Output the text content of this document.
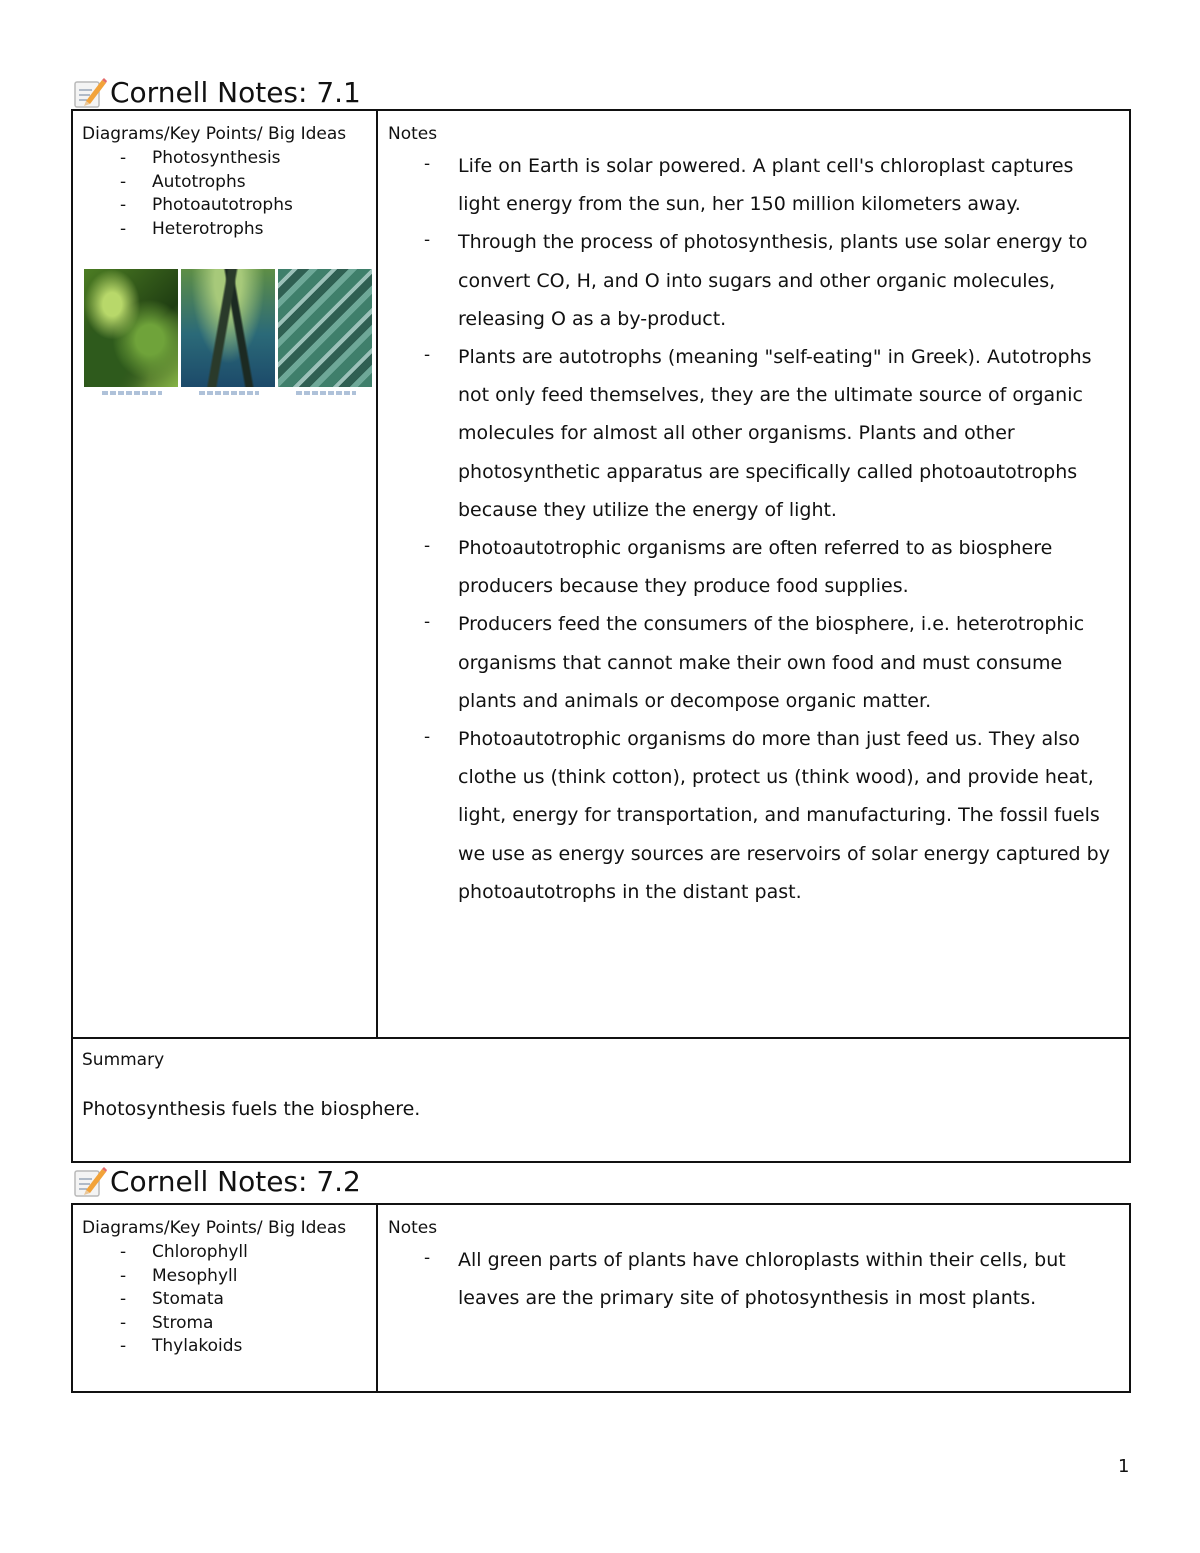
Cornell Notes: 7.1
Diagrams/Key Points/ Big Ideas
- Photosynthesis
- Autotrophs
- Photoautotrophs
- Heterotrophs
Notes
- Life on Earth is solar powered. A plant cell's chloroplast captures light energy from the sun, her 150 million kilometers away.
- Through the process of photosynthesis, plants use solar energy to convert CO, H, and O into sugars and other organic molecules, releasing O as a by-product.
- Plants are autotrophs (meaning "self-eating" in Greek). Autotrophs not only feed themselves, they are the ultimate source of organic molecules for almost all other organisms. Plants and other photosynthetic apparatus are specifically called photoautotrophs because they utilize the energy of light.
- Photoautotrophic organisms are often referred to as biosphere producers because they produce food supplies.
- Producers feed the consumers of the biosphere, i.e. heterotrophic organisms that cannot make their own food and must consume plants and animals or decompose organic matter.
- Photoautotrophic organisms do more than just feed us. They also clothe us (think cotton), protect us (think wood), and provide heat, light, energy for transportation, and manufacturing. The fossil fuels we use as energy sources are reservoirs of solar energy captured by photoautotrophs in the distant past.
Summary
Photosynthesis fuels the biosphere.
Cornell Notes: 7.2
Diagrams/Key Points/ Big Ideas
- Chlorophyll
- Mesophyll
- Stomata
- Stroma
- Thylakoids
Notes
- All green parts of plants have chloroplasts within their cells, but leaves are the primary site of photosynthesis in most plants.
1
